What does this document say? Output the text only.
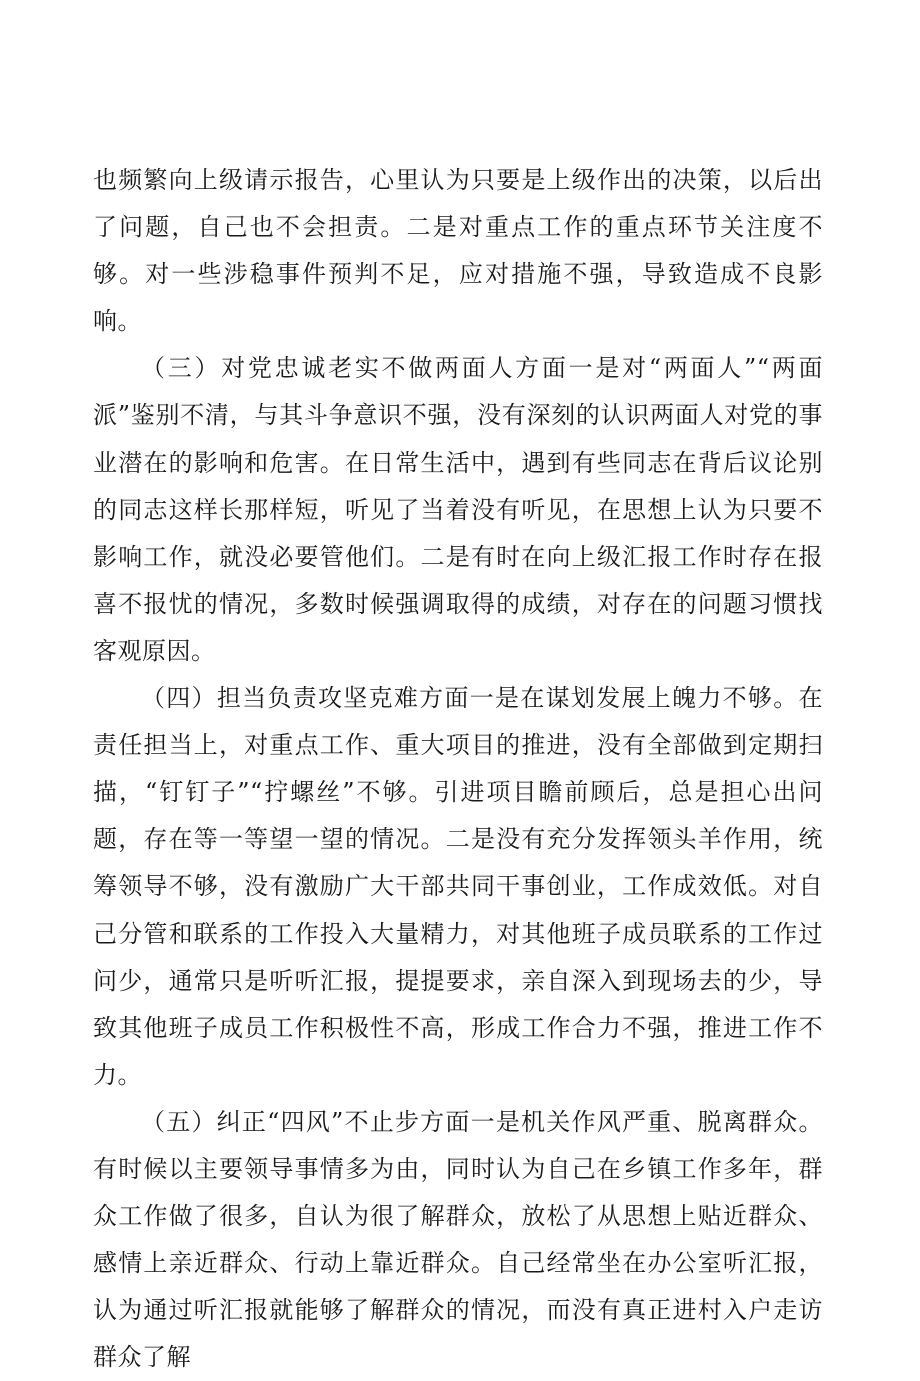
也频繁向上级请示报告，心里认为只要是上级作出的决策，以后出了问题，自己也不会担责。二是对重点工作的重点环节关注度不够。对一些涉稳事件预判不足，应对措施不强，导致造成不良影响。

（三）对党忠诚老实不做两面人方面一是对“两面人”“两面派”鉴别不清，与其斗争意识不强，没有深刻的认识两面人对党的事业潜在的影响和危害。在日常生活中，遇到有些同志在背后议论别的同志这样长那样短，听见了当着没有听见，在思想上认为只要不影响工作，就没必要管他们。二是有时在向上级汇报工作时存在报喜不报忧的情况，多数时候强调取得的成绩，对存在的问题习惯找客观原因。

（四）担当负责攻坚克难方面一是在谋划发展上魄力不够。在责任担当上，对重点工作、重大项目的推进，没有全部做到定期扫描，“钉钉子”“拧螺丝”不够。引进项目瞻前顾后，总是担心出问题，存在等一等望一望的情况。二是没有充分发挥领头羊作用，统筹领导不够，没有激励广大干部共同干事创业，工作成效低。对自己分管和联系的工作投入大量精力，对其他班子成员联系的工作过问少，通常只是听听汇报，提提要求，亲自深入到现场去的少，导致其他班子成员工作积极性不高，形成工作合力不强，推进工作不力。

（五）纠正“四风”不止步方面一是机关作风严重、脱离群众。有时候以主要领导事情多为由，同时认为自己在乡镇工作多年，群众工作做了很多，自认为很了解群众，放松了从思想上贴近群众、感情上亲近群众、行动上靠近群众。自己经常坐在办公室听汇报，认为通过听汇报就能够了解群众的情况，而没有真正进村入户走访群众了解
